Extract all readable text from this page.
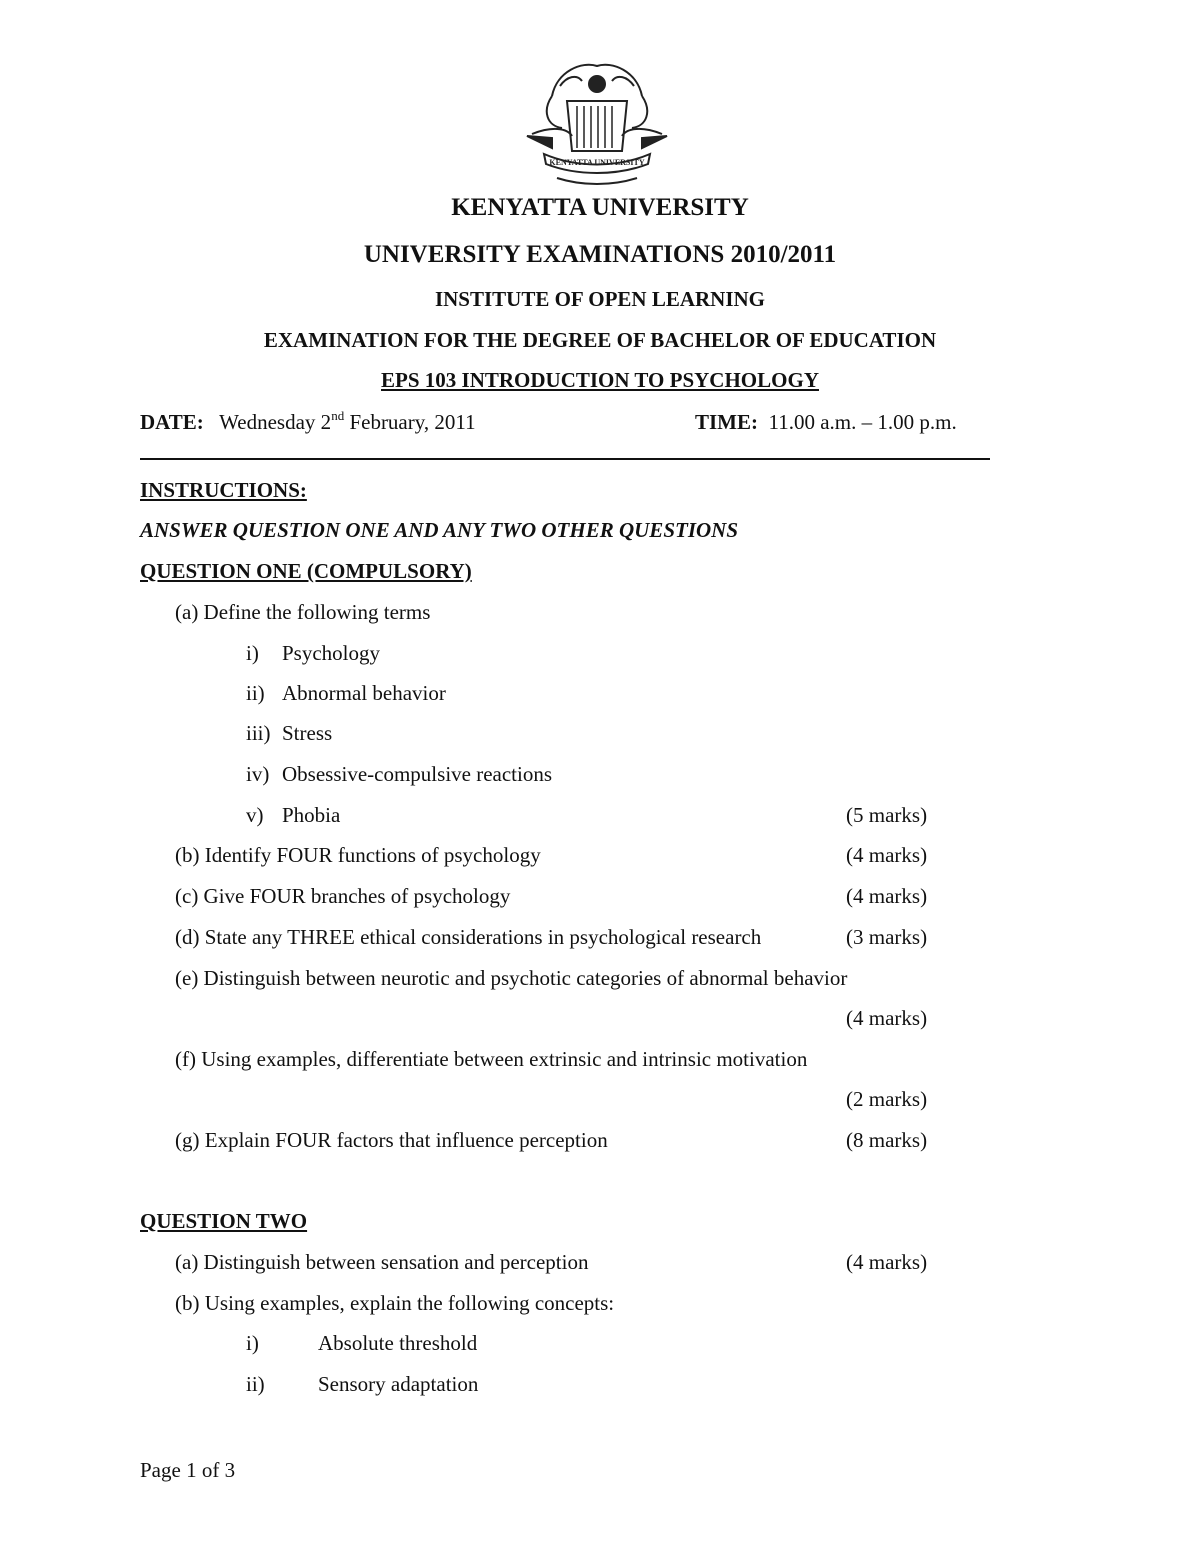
KENYATTA UNIVERSITY
KENYATTA UNIVERSITY
UNIVERSITY EXAMINATIONS 2010/2011
INSTITUTE OF OPEN LEARNING
EXAMINATION FOR THE DEGREE OF BACHELOR OF EDUCATION
EPS 103 INTRODUCTION TO PSYCHOLOGY
DATE: Wednesday 2nd February, 2011	TIME: 11.00 a.m. – 1.00 p.m.
INSTRUCTIONS:
ANSWER QUESTION ONE AND ANY TWO OTHER QUESTIONS
QUESTION ONE (COMPULSORY)
(a) Define the following terms
i) Psychology
ii) Abnormal behavior
iii) Stress
iv) Obsessive-compulsive reactions
v) Phobia	(5 marks)
(b) Identify FOUR functions of psychology	(4 marks)
(c) Give FOUR branches of psychology	(4 marks)
(d) State any THREE ethical considerations in psychological research	(3 marks)
(e) Distinguish between neurotic and psychotic categories of abnormal behavior
(4 marks)
(f) Using examples, differentiate between extrinsic and intrinsic motivation
(2 marks)
(g) Explain FOUR factors that influence perception	(8 marks)
QUESTION TWO
(a) Distinguish between sensation and perception	(4 marks)
(b) Using examples, explain the following concepts:
i)	Absolute threshold
ii)	Sensory adaptation
Page 1 of 3
